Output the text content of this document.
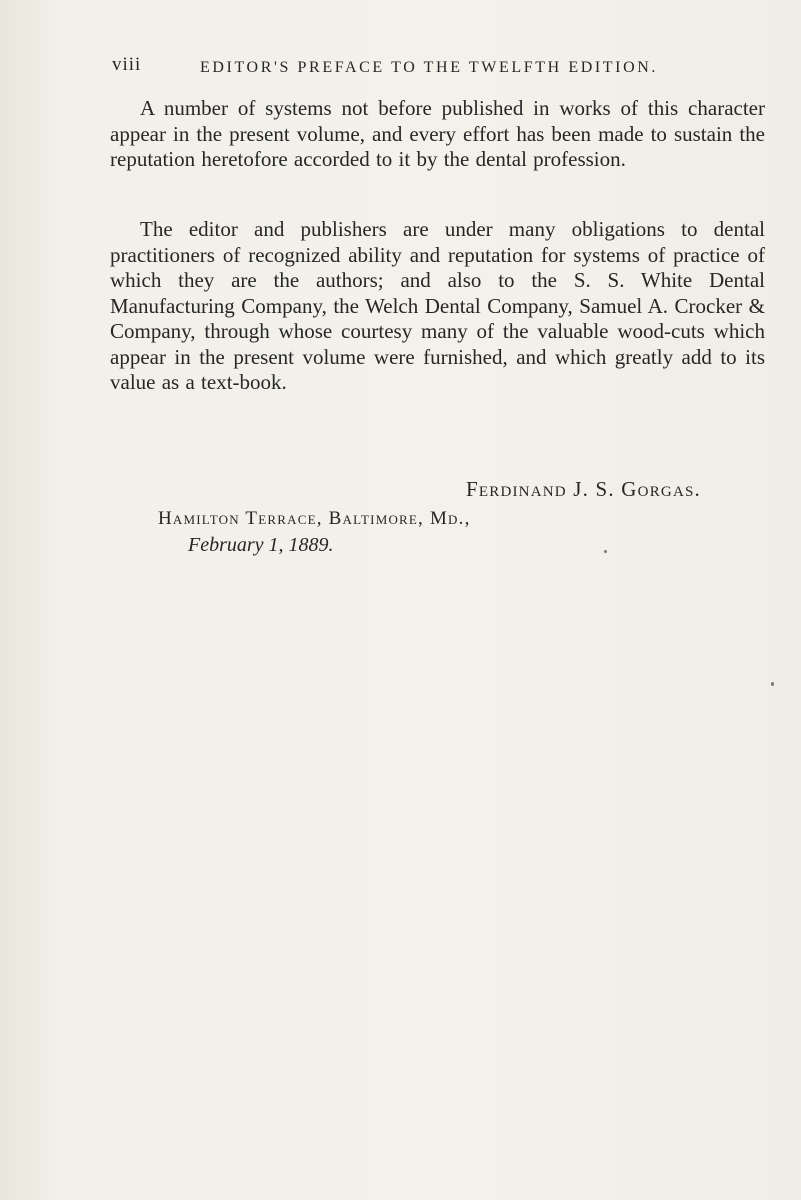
viii	EDITOR'S PREFACE TO THE TWELFTH EDITION.

A number of systems not before published in works of this character appear in the present volume, and every effort has been made to sustain the reputation heretofore accorded to it by the dental profession.

The editor and publishers are under many obligations to dental practitioners of recognized ability and reputation for systems of practice of which they are the authors; and also to the S. S. White Dental Manufacturing Company, the Welch Dental Company, Samuel A. Crocker & Company, through whose courtesy many of the valuable wood-cuts which appear in the present volume were furnished, and which greatly add to its value as a text-book.

Ferdinand J. S. Gorgas.
Hamilton Terrace, Baltimore, Md.,
February 1, 1889.
